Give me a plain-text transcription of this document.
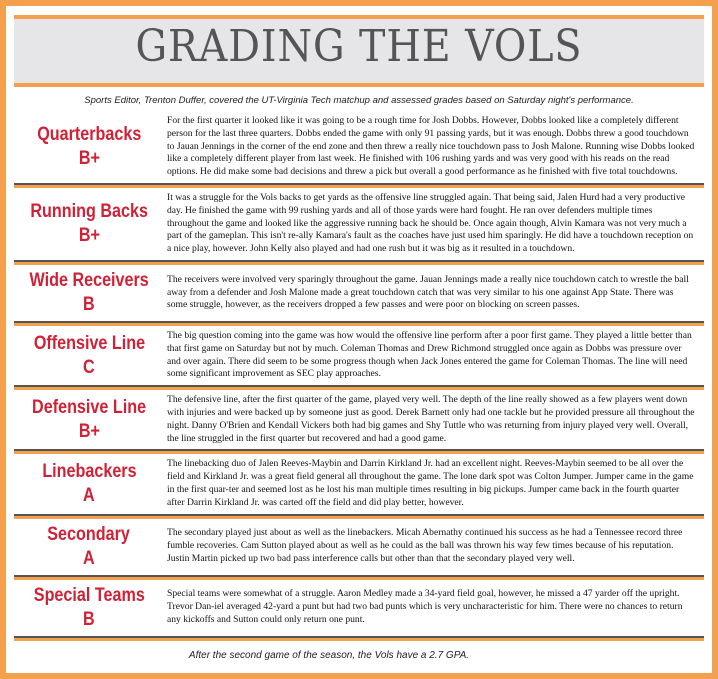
GRADING THE VOLS
Sports Editor, Trenton Duffer, covered the UT-Virginia Tech matchup and assessed grades based on Saturday night's performance.
Quarterbacks
B+
For the first quarter it looked like it was going to be a rough time for Josh Dobbs. However, Dobbs looked like a completely different person for the last three quarters. Dobbs ended the game with only 91 passing yards, but it was enough. Dobbs threw a good touchdown to Jauan Jennings in the corner of the end zone and then threw a really nice touchdown pass to Josh Malone. Running wise Dobbs looked like a completely different player from last week. He finished with 106 rushing yards and was very good with his reads on the read options. He did make some bad decisions and threw a pick but overall a good performance as he finished with five total touchdowns.
Running Backs
B+
It was a struggle for the Vols backs to get yards as the offensive line struggled again. That being said, Jalen Hurd had a very productive day. He finished the game with 99 rushing yards and all of those yards were hard fought. He ran over defenders multiple times throughout the game and looked like the aggressive running back he should be. Once again though, Alvin Kamara was not very much a part of the gameplan. This isn't re-ally Kamara's fault as the coaches have just used him sparingly. He did have a touchdown reception on a nice play, however. John Kelly also played and had one rush but it was big as it resulted in a touchdown.
Wide Receivers
B
The receivers were involved very sparingly throughout the game. Jauan Jennings made a really nice touchdown catch to wrestle the ball away from a defender and Josh Malone made a great touchdown catch that was very similar to his one against App State. There was some struggle, however, as the receivers dropped a few passes and were poor on blocking on screen passes.
Offensive Line
C
The big question coming into the game was how would the offensive line perform after a poor first game. They played a little better than that first game on Saturday but not by much. Coleman Thomas and Drew Richmond struggled once again as Dobbs was pressure over and over again. There did seem to be some progress though when Jack Jones entered the game for Coleman Thomas. The line will need some significant improvement as SEC play approaches.
Defensive Line
B+
The defensive line, after the first quarter of the game, played very well. The depth of the line really showed as a few players went down with injuries and were backed up by someone just as good. Derek Barnett only had one tackle but he provided pressure all throughout the night. Danny O'Brien and Kendall Vickers both had big games and Shy Tuttle who was returning from injury played very well. Overall, the line struggled in the first quarter but recovered and had a good game.
Linebackers
A
The linebacking duo of Jalen Reeves-Maybin and Darrin Kirkland Jr. had an excellent night. Reeves-Maybin seemed to be all over the field and Kirkland Jr. was a great field general all throughout the game. The lone dark spot was Colton Jumper. Jumper came in the game in the first quar-ter and seemed lost as he lost his man multiple times resulting in big pickups. Jumper came back in the fourth quarter after Darrin Kirkland Jr. was carted off the field and did play better, however.
Secondary
A
The secondary played just about as well as the linebackers. Micah Abernathy continued his success as he had a Tennessee record three fumble recoveries. Cam Sutton played about as well as he could as the ball was thrown his way few times because of his reputation. Justin Martin picked up two bad pass interference calls but other than that the secondary played very well.
Special Teams
B
Special teams were somewhat of a struggle. Aaron Medley made a 34-yard field goal, however, he missed a 47 yarder off the upright. Trevor Dan-iel averaged 42-yard a punt but had two bad punts which is very uncharacteristic for him. There were no chances to return any kickoffs and Sutton could only return one punt.
After the second game of the season, the Vols have a 2.7 GPA.
